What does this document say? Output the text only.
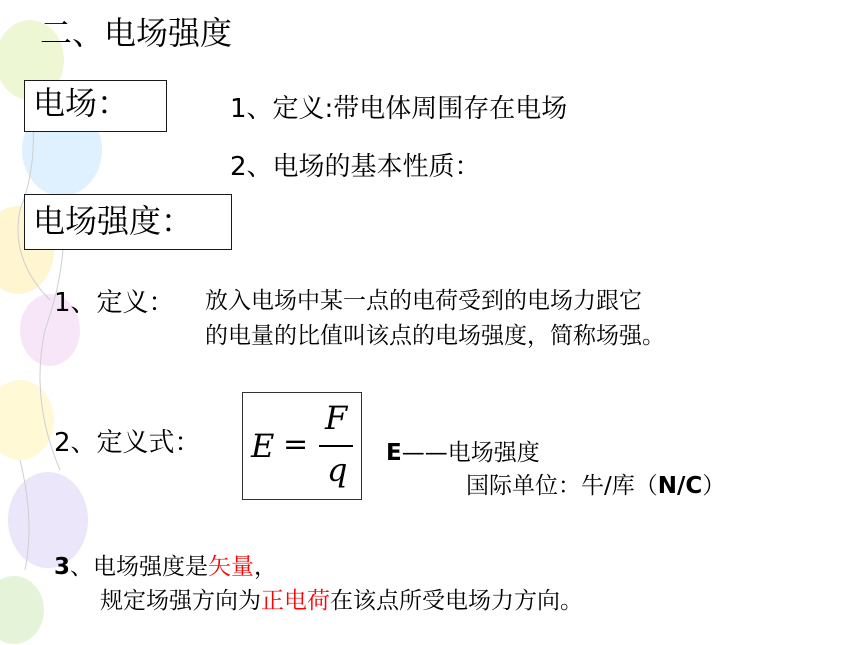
二、电场强度
电场：	1、定义:带电体周围存在电场
2、电场的基本性质：
电场强度：
1、定义： 放入电场中某一点的电荷受到的电场力跟它
的电量的比值叫该点的电场强度，简称场强。
2、定义式： E =
F
q E——电场强度
国际单位：牛/库（N/C）
3、电场强度是矢量，
规定场强方向为正电荷在该点所受电场力方向。
